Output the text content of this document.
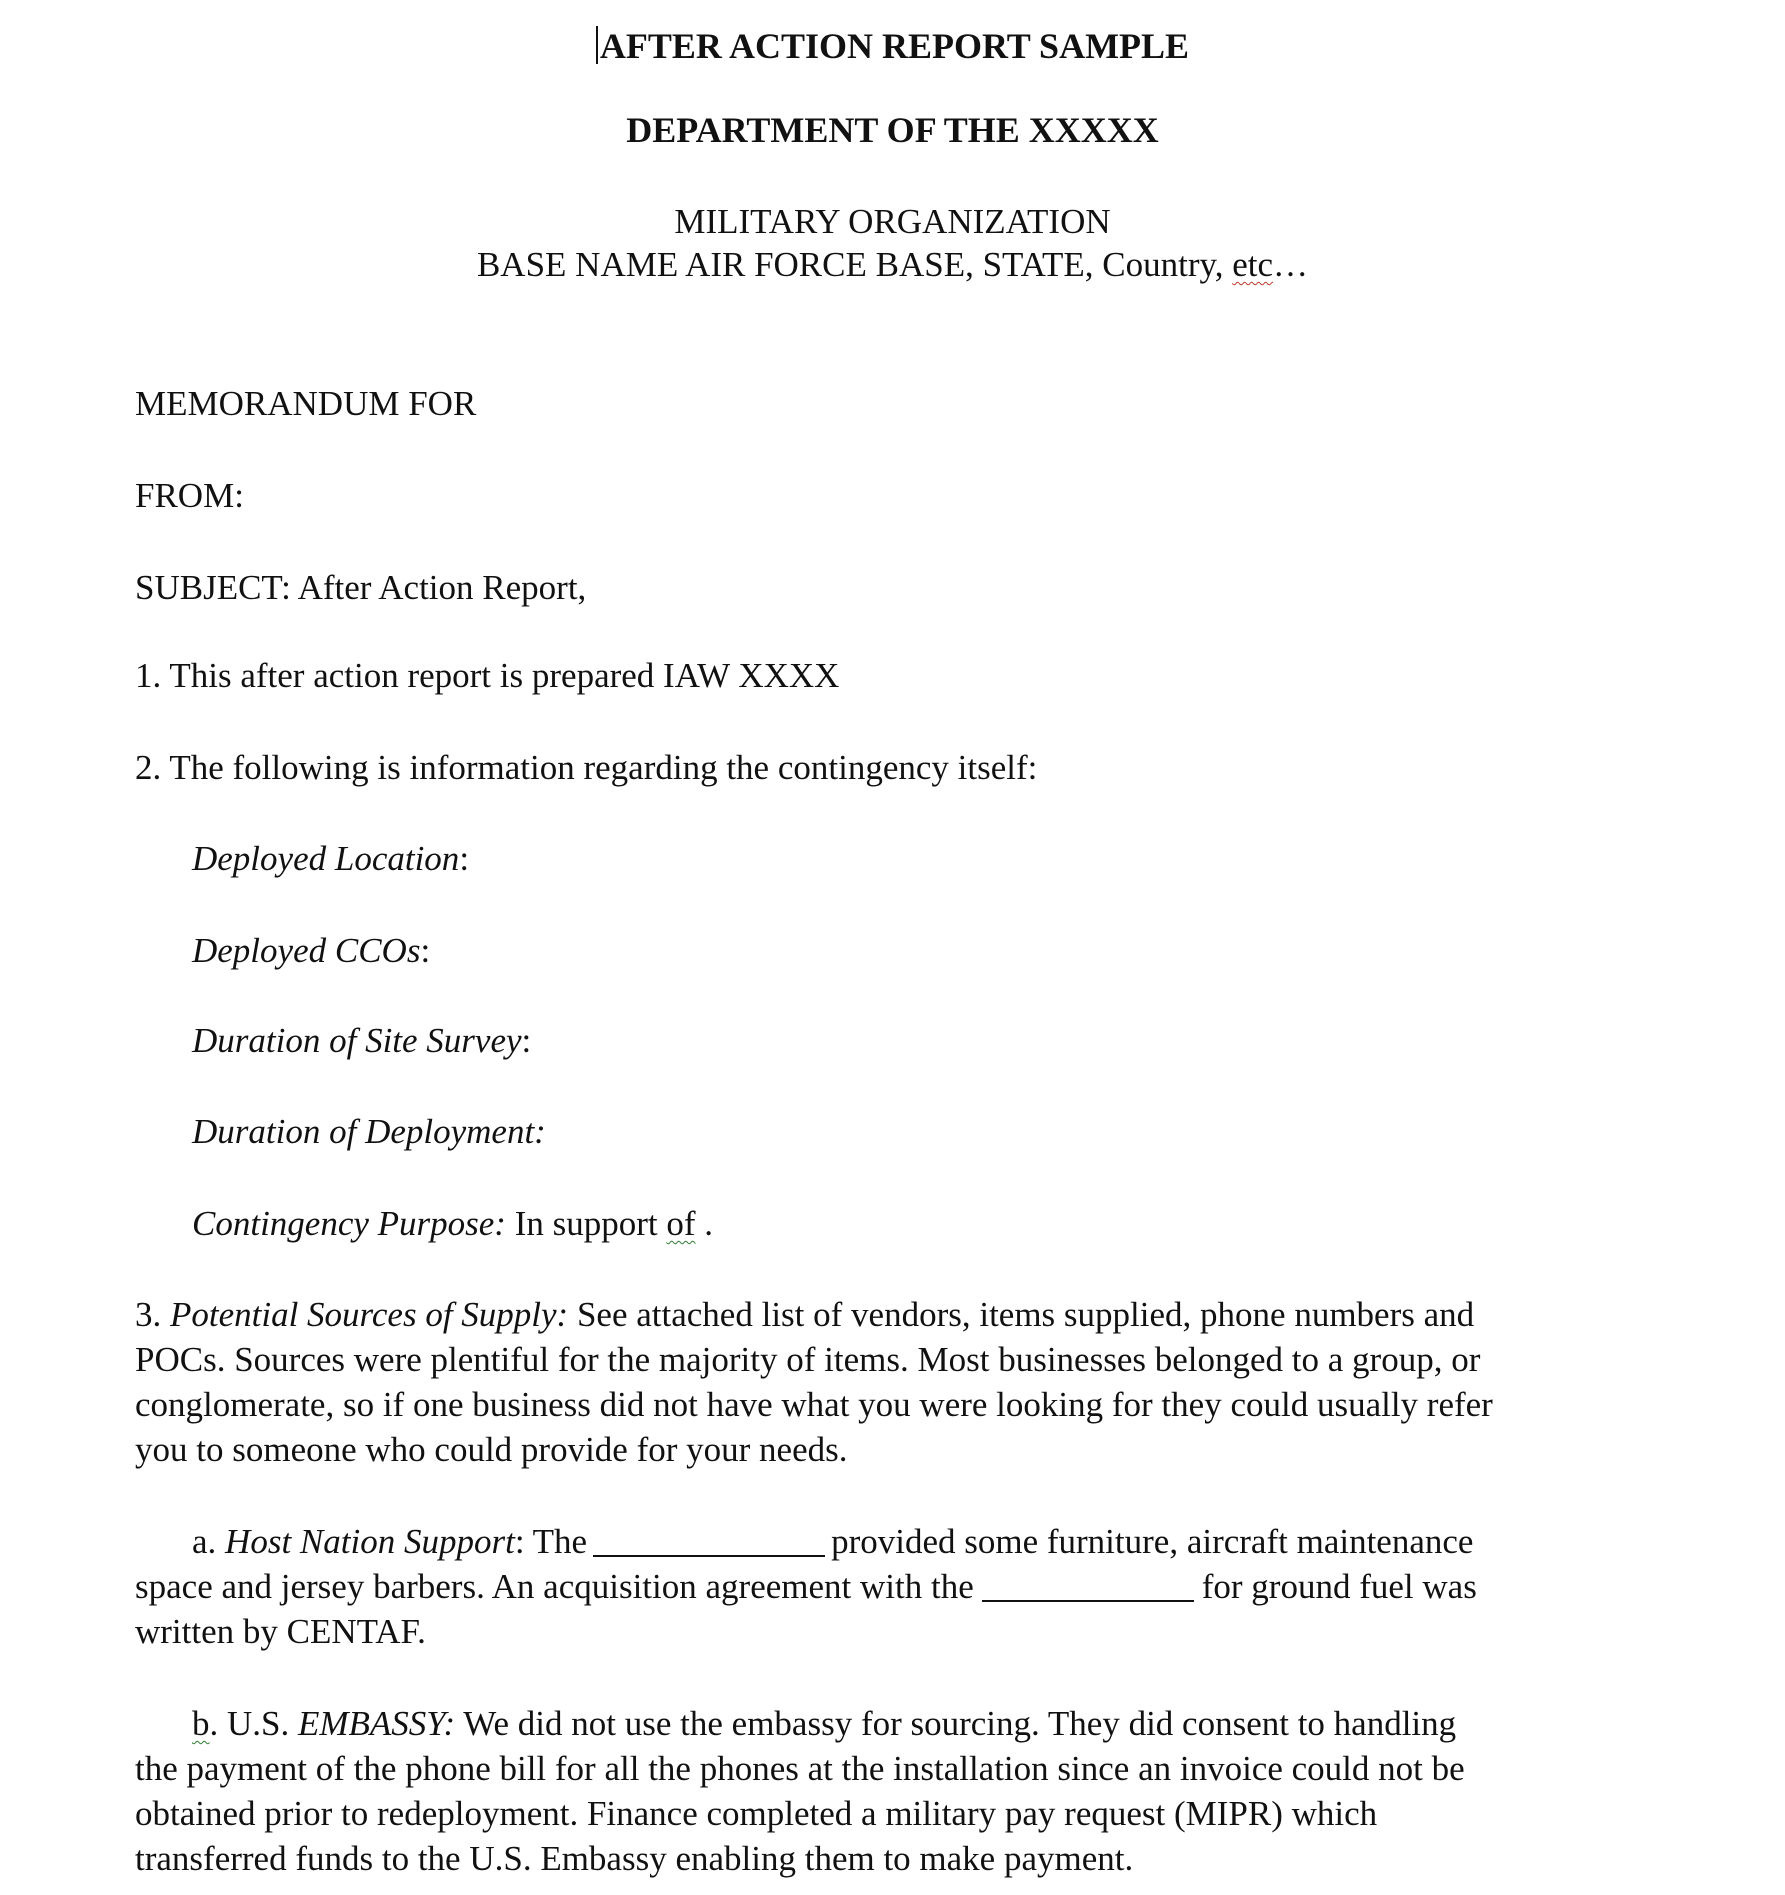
AFTER ACTION REPORT SAMPLE
DEPARTMENT OF THE XXXXX
MILITARY ORGANIZATION
BASE NAME AIR FORCE BASE, STATE, Country, etc…
MEMORANDUM FOR
FROM:
SUBJECT: After Action Report,
1. This after action report is prepared IAW XXXX
2. The following is information regarding the contingency itself:
Deployed Location:
Deployed CCOs:
Duration of Site Survey:
Duration of Deployment:
Contingency Purpose: In support of .
3. Potential Sources of Supply: See attached list of vendors, items supplied, phone numbers and
POCs. Sources were plentiful for the majority of items. Most businesses belonged to a group, or
conglomerate, so if one business did not have what you were looking for they could usually refer
you to someone who could provide for your needs.
a. Host Nation Support: The	provided some furniture, aircraft maintenance
space and jersey barbers. An acquisition agreement with the	for ground fuel was
written by CENTAF.
b. U.S. EMBASSY: We did not use the embassy for sourcing. They did consent to handling
the payment of the phone bill for all the phones at the installation since an invoice could not be
obtained prior to redeployment. Finance completed a military pay request (MIPR) which
transferred funds to the U.S. Embassy enabling them to make payment.
